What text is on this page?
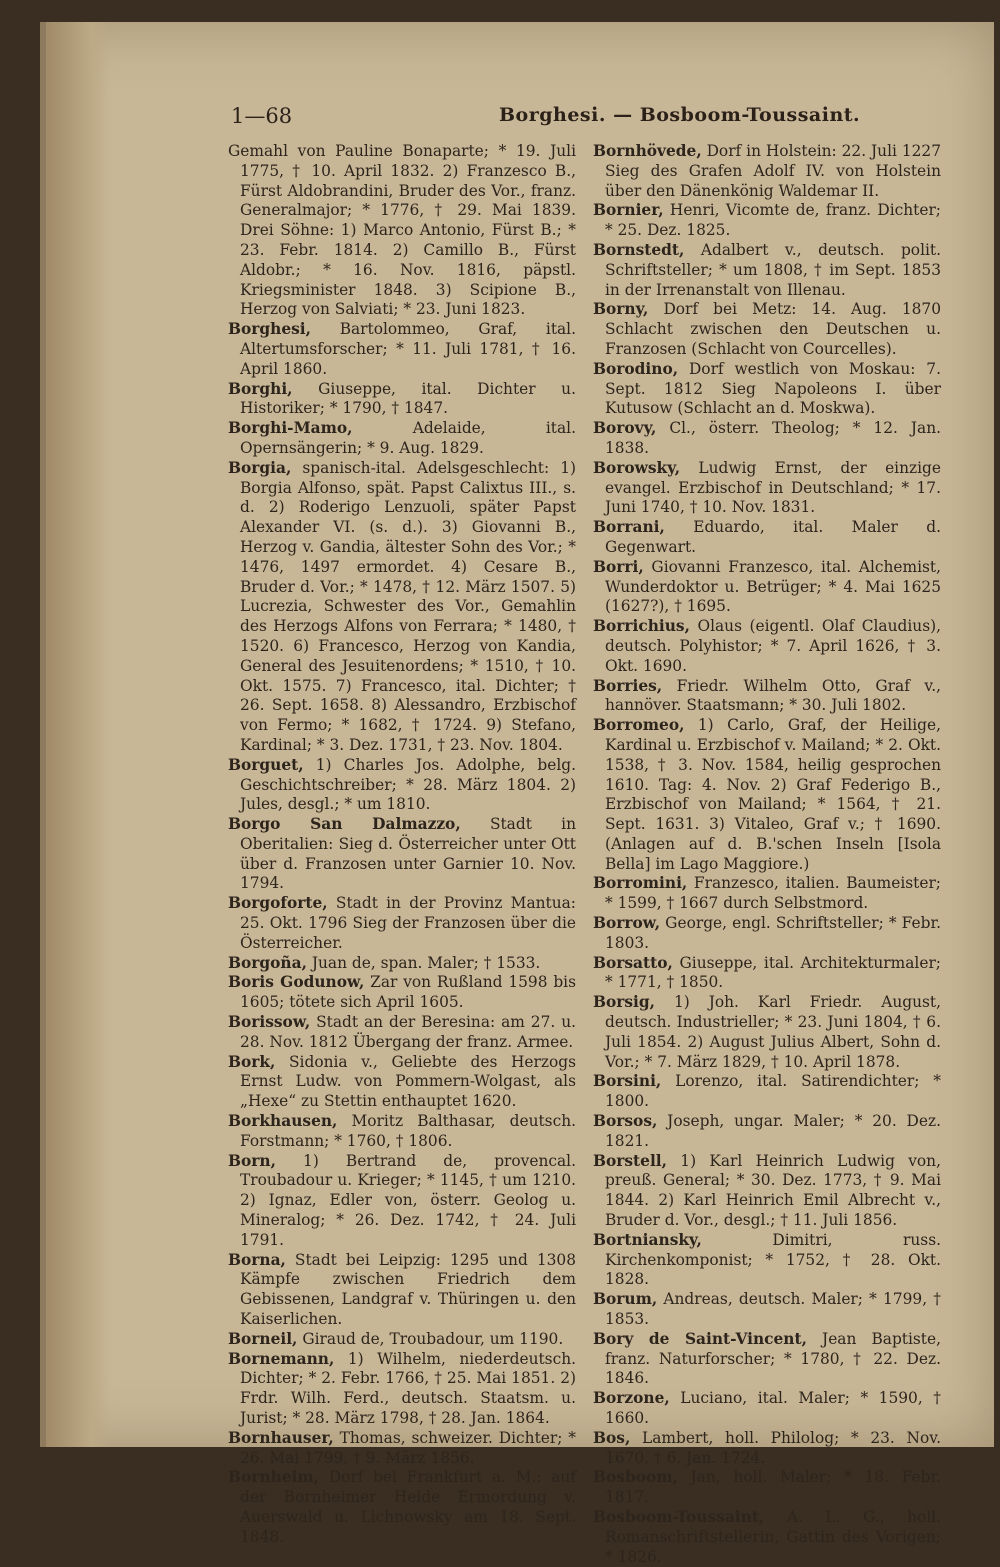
1—68	Borghesi. — Bosboom-Toussaint.

Gemahl von Pauline Bonaparte; * 19. Juli 1775, † 10. April 1832. 2) Franzesco B., Fürst Aldobrandini, Bruder des Vor., franz. Generalmajor; * 1776, † 29. Mai 1839. Drei Söhne: 1) Marco Antonio, Fürst B.; * 23. Febr. 1814. 2) Camillo B., Fürst Aldobr.; * 16. Nov. 1816, päpstl. Kriegsminister 1848. 3) Scipione B., Herzog von Salviati; * 23. Juni 1823.

Borghesi, Bartolommeo, Graf, ital. Altertumsforscher; * 11. Juli 1781, † 16. April 1860.

Borghi, Giuseppe, ital. Dichter u. Historiker; * 1790, † 1847.

Borghi-Mamo, Adelaide, ital. Opernsängerin; * 9. Aug. 1829.

Borgia, spanisch-ital. Adelsgeschlecht: 1) Borgia Alfonso, spät. Papst Calixtus III., s. d. 2) Roderigo Lenzuoli, später Papst Alexander VI. (s. d.). 3) Giovanni B., Herzog v. Gandia, ältester Sohn des Vor.; * 1476, 1497 ermordet. 4) Cesare B., Bruder d. Vor.; * 1478, † 12. März 1507. 5) Lucrezia, Schwester des Vor., Gemahlin des Herzogs Alfons von Ferrara; * 1480, † 1520. 6) Francesco, Herzog von Kandia, General des Jesuitenordens; * 1510, † 10. Okt. 1575. 7) Francesco, ital. Dichter; † 26. Sept. 1658. 8) Alessandro, Erzbischof von Fermo; * 1682, † 1724. 9) Stefano, Kardinal; * 3. Dez. 1731, † 23. Nov. 1804.

Borguet, 1) Charles Jos. Adolphe, belg. Geschichtschreiber; * 28. März 1804. 2) Jules, desgl.; * um 1810.

Borgo San Dalmazzo, Stadt in Oberitalien: Sieg d. Österreicher unter Ott über d. Franzosen unter Garnier 10. Nov. 1794.

Borgoforte, Stadt in der Provinz Mantua: 25. Okt. 1796 Sieg der Franzosen über die Österreicher.

Borgoña, Juan de, span. Maler; † 1533.

Boris Godunow, Zar von Rußland 1598 bis 1605; tötete sich April 1605.

Borissow, Stadt an der Beresina: am 27. u. 28. Nov. 1812 Übergang der franz. Armee.

Bork, Sidonia v., Geliebte des Herzogs Ernst Ludw. von Pommern-Wolgast, als „Hexe“ zu Stettin enthauptet 1620.

Borkhausen, Moritz Balthasar, deutsch. Forstmann; * 1760, † 1806.

Born, 1) Bertrand de, provencal. Troubadour u. Krieger; * 1145, † um 1210. 2) Ignaz, Edler von, österr. Geolog u. Mineralog; * 26. Dez. 1742, † 24. Juli 1791.

Borna, Stadt bei Leipzig: 1295 und 1308 Kämpfe zwischen Friedrich dem Gebissenen, Landgraf v. Thüringen u. den Kaiserlichen.

Borneil, Giraud de, Troubadour, um 1190.

Bornemann, 1) Wilhelm, niederdeutsch. Dichter; * 2. Febr. 1766, † 25. Mai 1851. 2) Frdr. Wilh. Ferd., deutsch. Staatsm. u. Jurist; * 28. März 1798, † 28. Jan. 1864.

Bornhauser, Thomas, schweizer. Dichter; * 26. Mai 1799, † 9. März 1856.

Bornheim, Dorf bei Frankfurt a. M.: auf der Bornheimer Heide Ermordung v. Auerswald u. Lichnowsky am 18. Sept. 1848.

Bornhövede, Dorf in Holstein: 22. Juli 1227 Sieg des Grafen Adolf IV. von Holstein über den Dänenkönig Waldemar II.

Bornier, Henri, Vicomte de, franz. Dichter; * 25. Dez. 1825.

Bornstedt, Adalbert v., deutsch. polit. Schriftsteller; * um 1808, † im Sept. 1853 in der Irrenanstalt von Illenau.

Borny, Dorf bei Metz: 14. Aug. 1870 Schlacht zwischen den Deutschen u. Franzosen (Schlacht von Courcelles).

Borodino, Dorf westlich von Moskau: 7. Sept. 1812 Sieg Napoleons I. über Kutusow (Schlacht an d. Moskwa).

Borovy, Cl., österr. Theolog; * 12. Jan. 1838.

Borowsky, Ludwig Ernst, der einzige evangel. Erzbischof in Deutschland; * 17. Juni 1740, † 10. Nov. 1831.

Borrani, Eduardo, ital. Maler d. Gegenwart.

Borri, Giovanni Franzesco, ital. Alchemist, Wunderdoktor u. Betrüger; * 4. Mai 1625 (1627?), † 1695.

Borrichius, Olaus (eigentl. Olaf Claudius), deutsch. Polyhistor; * 7. April 1626, † 3. Okt. 1690.

Borries, Friedr. Wilhelm Otto, Graf v., hannöver. Staatsmann; * 30. Juli 1802.

Borromeo, 1) Carlo, Graf, der Heilige, Kardinal u. Erzbischof v. Mailand; * 2. Okt. 1538, † 3. Nov. 1584, heilig gesprochen 1610. Tag: 4. Nov. 2) Graf Federigo B., Erzbischof von Mailand; * 1564, † 21. Sept. 1631. 3) Vitaleo, Graf v.; † 1690. (Anlagen auf d. B.'schen Inseln [Isola Bella] im Lago Maggiore.)

Borromini, Franzesco, italien. Baumeister; * 1599, † 1667 durch Selbstmord.

Borrow, George, engl. Schriftsteller; * Febr. 1803.

Borsatto, Giuseppe, ital. Architekturmaler; * 1771, † 1850.

Borsig, 1) Joh. Karl Friedr. August, deutsch. Industrieller; * 23. Juni 1804, † 6. Juli 1854. 2) August Julius Albert, Sohn d. Vor.; * 7. März 1829, † 10. April 1878.

Borsini, Lorenzo, ital. Satirendichter; * 1800.

Borsos, Joseph, ungar. Maler; * 20. Dez. 1821.

Borstell, 1) Karl Heinrich Ludwig von, preuß. General; * 30. Dez. 1773, † 9. Mai 1844. 2) Karl Heinrich Emil Albrecht v., Bruder d. Vor., desgl.; † 11. Juli 1856.

Bortniansky, Dimitri, russ. Kirchenkomponist; * 1752, † 28. Okt. 1828.

Borum, Andreas, deutsch. Maler; * 1799, † 1853.

Bory de Saint-Vincent, Jean Baptiste, franz. Naturforscher; * 1780, † 22. Dez. 1846.

Borzone, Luciano, ital. Maler; * 1590, † 1660.

Bos, Lambert, holl. Philolog; * 23. Nov. 1670, † 6. Jan. 1724.

Bosboom, Jan, holl. Maler; * 18. Febr. 1817.

Bosboom-Toussaint, A. L. G., holl. Romanschriftstellerin, Gattin des Vorigen; * 1826.
